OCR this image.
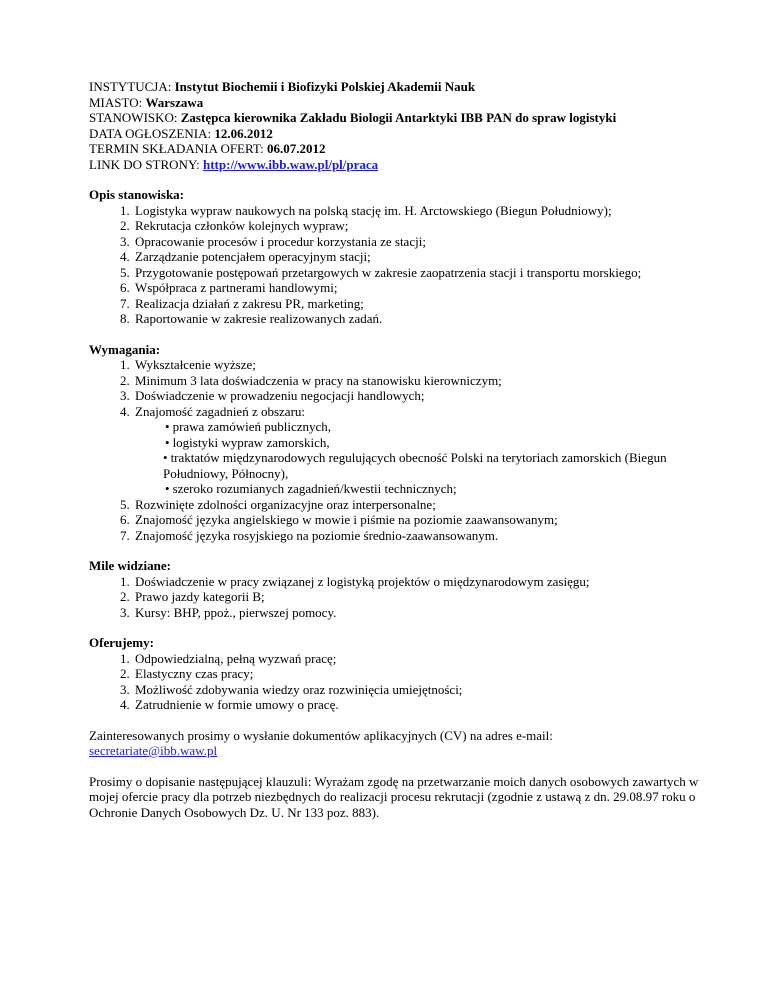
INSTYTUCJA: Instytut Biochemii i Biofizyki Polskiej Akademii Nauk
MIASTO: Warszawa
STANOWISKO: Zastępca kierownika Zakładu Biologii Antarktyki IBB PAN do spraw logistyki
DATA OGŁOSZENIA: 12.06.2012
TERMIN SKŁADANIA OFERT: 06.07.2012
LINK DO STRONY: http://www.ibb.waw.pl/pl/praca
Opis stanowiska:
1. Logistyka wypraw naukowych na polską stację im. H. Arctowskiego (Biegun Południowy);
2. Rekrutacja członków kolejnych wypraw;
3. Opracowanie procesów i procedur korzystania ze stacji;
4. Zarządzanie potencjałem operacyjnym stacji;
5. Przygotowanie postępowań przetargowych w zakresie zaopatrzenia stacji i transportu morskiego;
6. Współpraca z partnerami handlowymi;
7. Realizacja działań z zakresu PR, marketing;
8. Raportowanie w zakresie realizowanych zadań.
Wymagania:
1. Wykształcenie wyższe;
2. Minimum 3 lata doświadczenia w pracy na stanowisku kierowniczym;
3. Doświadczenie w prowadzeniu negocjacji handlowych;
4. Znajomość zagadnień z obszaru:
• prawa zamówień publicznych,
• logistyki wypraw zamorskich,
• traktatów międzynarodowych regulujących obecność Polski na terytoriach zamorskich (Biegun Południowy, Północny),
• szeroko rozumianych zagadnień/kwestii technicznych;
5. Rozwinięte zdolności organizacyjne oraz interpersonalne;
6. Znajomość języka angielskiego w mowie i piśmie na poziomie zaawansowanym;
7. Znajomość języka rosyjskiego na poziomie średnio-zaawansowanym.
Mile widziane:
1. Doświadczenie w pracy związanej z logistyką projektów o międzynarodowym zasięgu;
2. Prawo jazdy kategorii B;
3. Kursy: BHP, ppoż., pierwszej pomocy.
Oferujemy:
1. Odpowiedzialną, pełną wyzwań pracę;
2. Elastyczny czas pracy;
3. Możliwość zdobywania wiedzy oraz rozwinięcia umiejętności;
4. Zatrudnienie w formie umowy o pracę.

Zainteresowanych prosimy o wysłanie dokumentów aplikacyjnych (CV) na adres e-mail:

secretariate@ibb.waw.pl

Prosimy o dopisanie następującej klauzuli: Wyrażam zgodę na przetwarzanie moich danych osobowych zawartych w mojej ofercie pracy dla potrzeb niezbędnych do realizacji procesu rekrutacji (zgodnie z ustawą z dn. 29.08.97 roku o Ochronie Danych Osobowych Dz. U. Nr 133 poz. 883).
